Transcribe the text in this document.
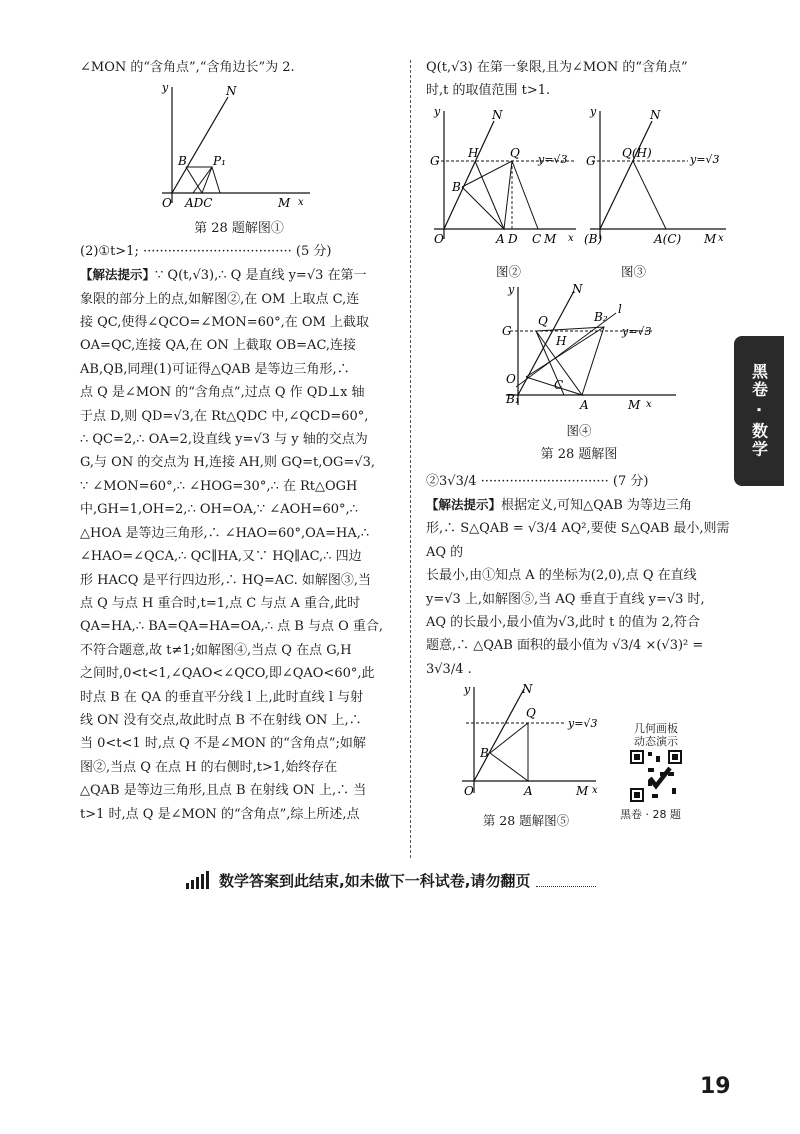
∠MON 的“含角点”,“含角边长”为 2.

y	N
B P₁
O ADC	M x
第 28 题解图①

(2)①t>1; ···································· (5 分)

【解法提示】∵ Q(t,√3),∴ Q 是直线 y=√3 在第一

象限的部分上的点,如解图②,在 OM 上取点 C,连

接 QC,使得∠QCO=∠MON=60°,在 OM 上截取

OA=QC,连接 QA,在 ON 上截取 OB=AC,连接

AB,QB,同理(1)可证得△QAB 是等边三角形,∴

点 Q 是∠MON 的“含角点”,过点 Q 作 QD⊥x 轴

于点 D,则 QD=√3,在 Rt△QDC 中,∠QCD=60°,

∴ QC=2,∴ OA=2,设直线 y=√3 与 y 轴的交点为

G,与 ON 的交点为 H,连接 AH,则 GQ=t,OG=√3,

∵ ∠MON=60°,∴ ∠HOG=30°,∴ 在 Rt△OGH

中,GH=1,OH=2,∴ OH=OA,∵ ∠AOH=60°,∴

△HOA 是等边三角形,∴ ∠HAO=60°,OA=HA,∴

∠HAO=∠QCA,∴ QC∥HA,又∵ HQ∥AC,∴ 四边

形 HACQ 是平行四边形,∴ HQ=AC. 如解图③,当

点 Q 与点 H 重合时,t=1,点 C 与点 A 重合,此时

QA=HA,∴ BA=QA=HA=OA,∴ 点 B 与点 O 重合,

不符合题意,故 t≠1;如解图④,当点 Q 在点 G,H

之间时,0<t<1,∠QAO<∠QCO,即∠QAO<60°,此

时点 B 在 QA 的垂直平分线 l 上,此时直线 l 与射

线 ON 没有交点,故此时点 B 不在射线 ON 上,∴

当 0<t<1 时,点 Q 不是∠MON 的“含角点”;如解

图②,当点 Q 在点 H 的右侧时,t>1,始终存在

△QAB 是等边三角形,且点 B 在射线 ON 上,∴ 当

t>1 时,点 Q 是∠MON 的“含角点”,综上所述,点

Q(t,√3) 在第一象限,且为∠MON 的“含角点”

时,t 的取值范围 t>1.

y	N
G
H	Q
B
O	A D C M x
y=√3
y	N
G
Q(H)
(B)	A(C) M x
y=√3
图②	图③
y	N
G
Q
H
B₂
l
C
O
B₁	A	M x
y=√3
图④
第 28 题解图

②3√3/4 ······························· (7 分)

【解法提示】根据定义,可知△QAB 为等边三角

形,∴ S△QAB = √3/4 AQ²,要使 S△QAB 最小,则需 AQ 的

长最小,由①知点 A 的坐标为(2,0),点 Q 在直线

y=√3 上,如解图⑤,当 AQ 垂直于直线 y=√3 时,

AQ 的长最小,最小值为√3,此时 t 的值为 2,符合

题意,∴ △QAB 面积的最小值为 √3/4 ×(√3)² = 3√3/4 .

y	N
Q
B
O	A	M x
y=√3
第 28 题解图⑤
几何画板
动态演示
黑卷 · 28 题
黑卷 · 数学
数学答案到此结束,如未做下一科试卷,请勿翻页
19
